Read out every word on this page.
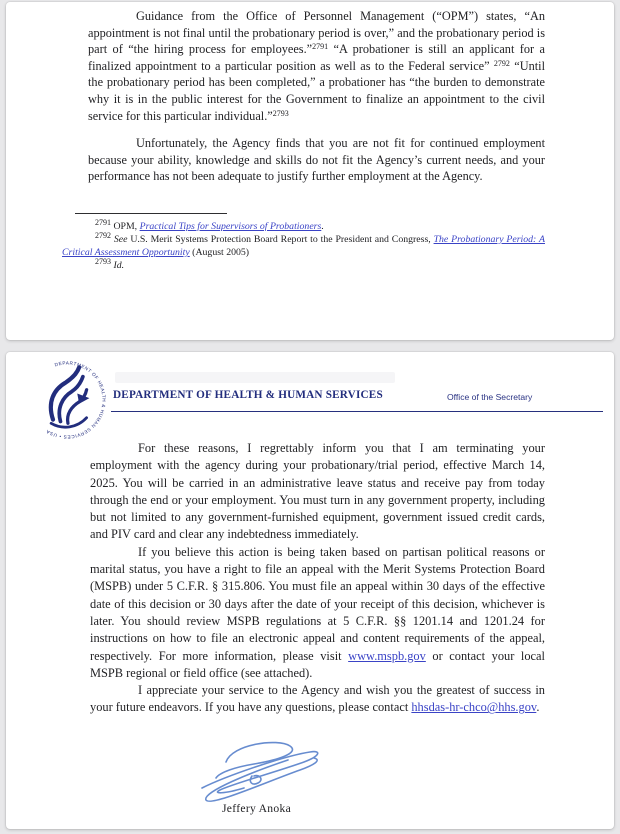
Guidance from the Office of Personnel Management (“OPM”) states, “An appointment is not final until the probationary period is over,” and the probationary period is part of “the hiring process for employees.”$^{2791}$ “A probationer is still an applicant for a finalized appointment to a particular position as well as to the Federal service” $^{2792}$ “Until the probationary period has been completed,” a probationer has “the burden to demonstrate why it is in the public interest for the Government to finalize an appointment to the civil service for this particular individual.”$^{2793}$

Unfortunately, the Agency finds that you are not fit for continued employment because your ability, knowledge and skills do not fit the Agency’s current needs, and your performance has not been adequate to justify further employment at the Agency.

$^{2791}$ OPM, Practical Tips for Supervisors of Probationers.
$^{2792}$ See U.S. Merit Systems Protection Board Report to the President and Congress, The Probationary Period: A Critical Assessment Opportunity (August 2005)
$^{2793}$ Id.
DEPARTMENT OF HEALTH & HUMAN SERVICES • USA
DEPARTMENT OF HEALTH & HUMAN SERVICES	Office of the Secretary

For these reasons, I regrettably inform you that I am terminating your employment with the agency during your probationary/trial period, effective March 14, 2025. You will be carried in an administrative leave status and receive pay from today through the end or your employment. You must turn in any government property, including but not limited to any government-furnished equipment, government issued credit cards, and PIV card and clear any indebtedness immediately.

If you believe this action is being taken based on partisan political reasons or marital status, you have a right to file an appeal with the Merit Systems Protection Board (MSPB) under 5 C.F.R. § 315.806. You must file an appeal within 30 days of the effective date of this decision or 30 days after the date of your receipt of this decision, whichever is later. You should review MSPB regulations at 5 C.F.R. §§ 1201.14 and 1201.24 for instructions on how to file an electronic appeal and content requirements of the appeal, respectively. For more information, please visit www.mspb.gov or contact your local MSPB regional or field office (see attached).

I appreciate your service to the Agency and wish you the greatest of success in your future endeavors. If you have any questions, please contact hhsdas-hr-chco@hhs.gov.

Jeffery Anoka
